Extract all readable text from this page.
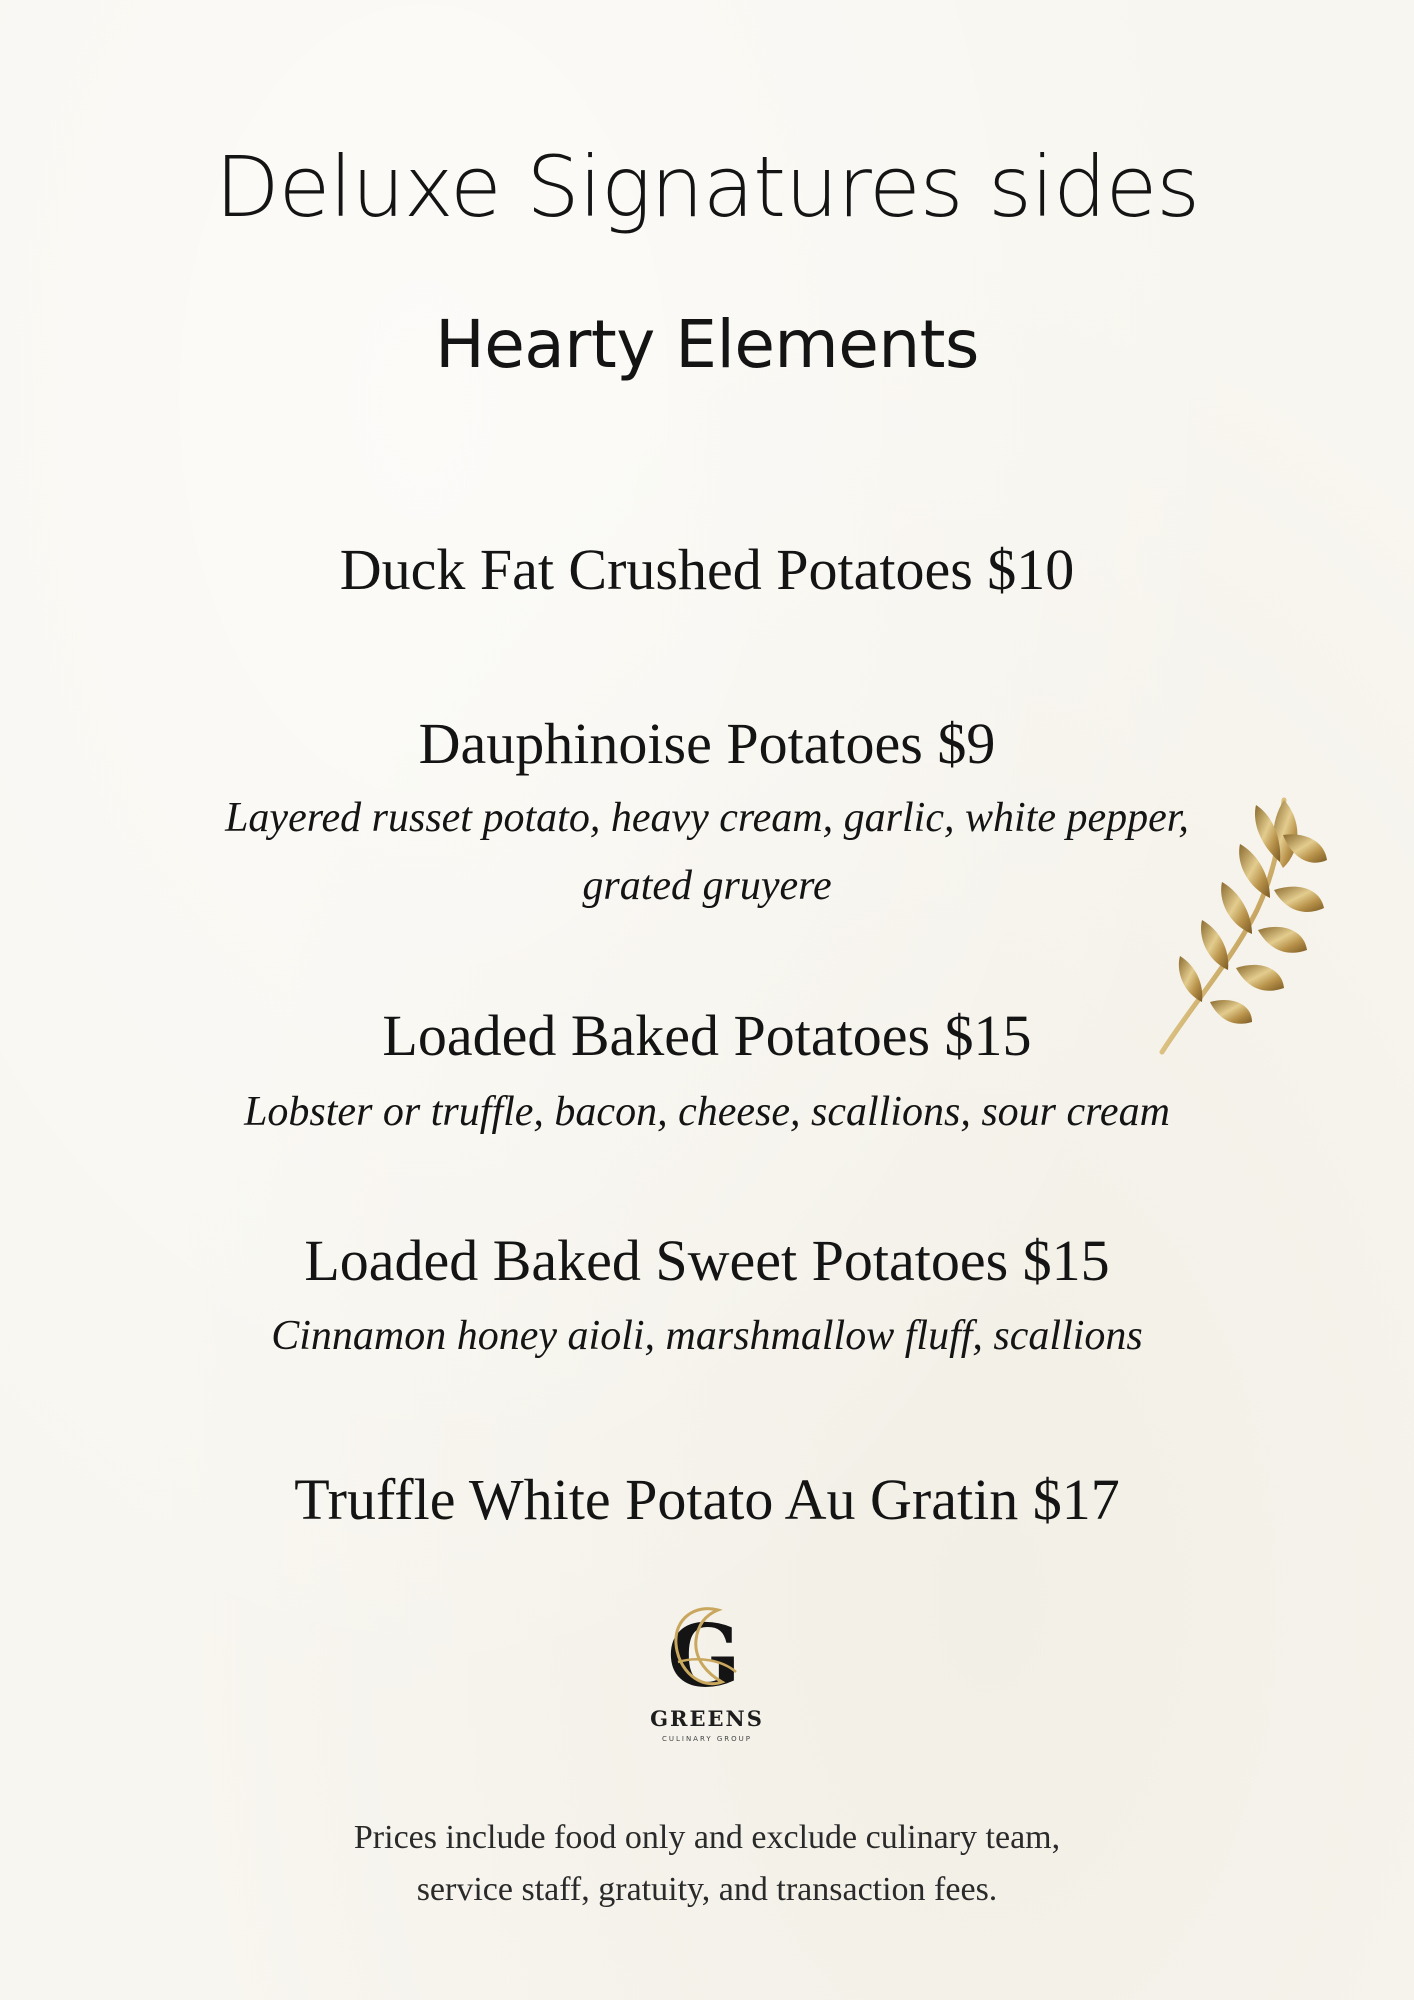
Deluxe Signatures sides
Hearty Elements
Duck Fat Crushed Potatoes $10
Dauphinoise Potatoes $9
Layered russet potato, heavy cream, garlic, white pepper,
grated gruyere
Loaded Baked Potatoes $15
Lobster or truffle, bacon, cheese, scallions, sour cream
Loaded Baked Sweet Potatoes $15
Cinnamon honey aioli, marshmallow fluff, scallions
Truffle White Potato Au Gratin $17
G
GREENS
CULINARY GROUP
Prices include food only and exclude culinary team,
service staff, gratuity, and transaction fees.
